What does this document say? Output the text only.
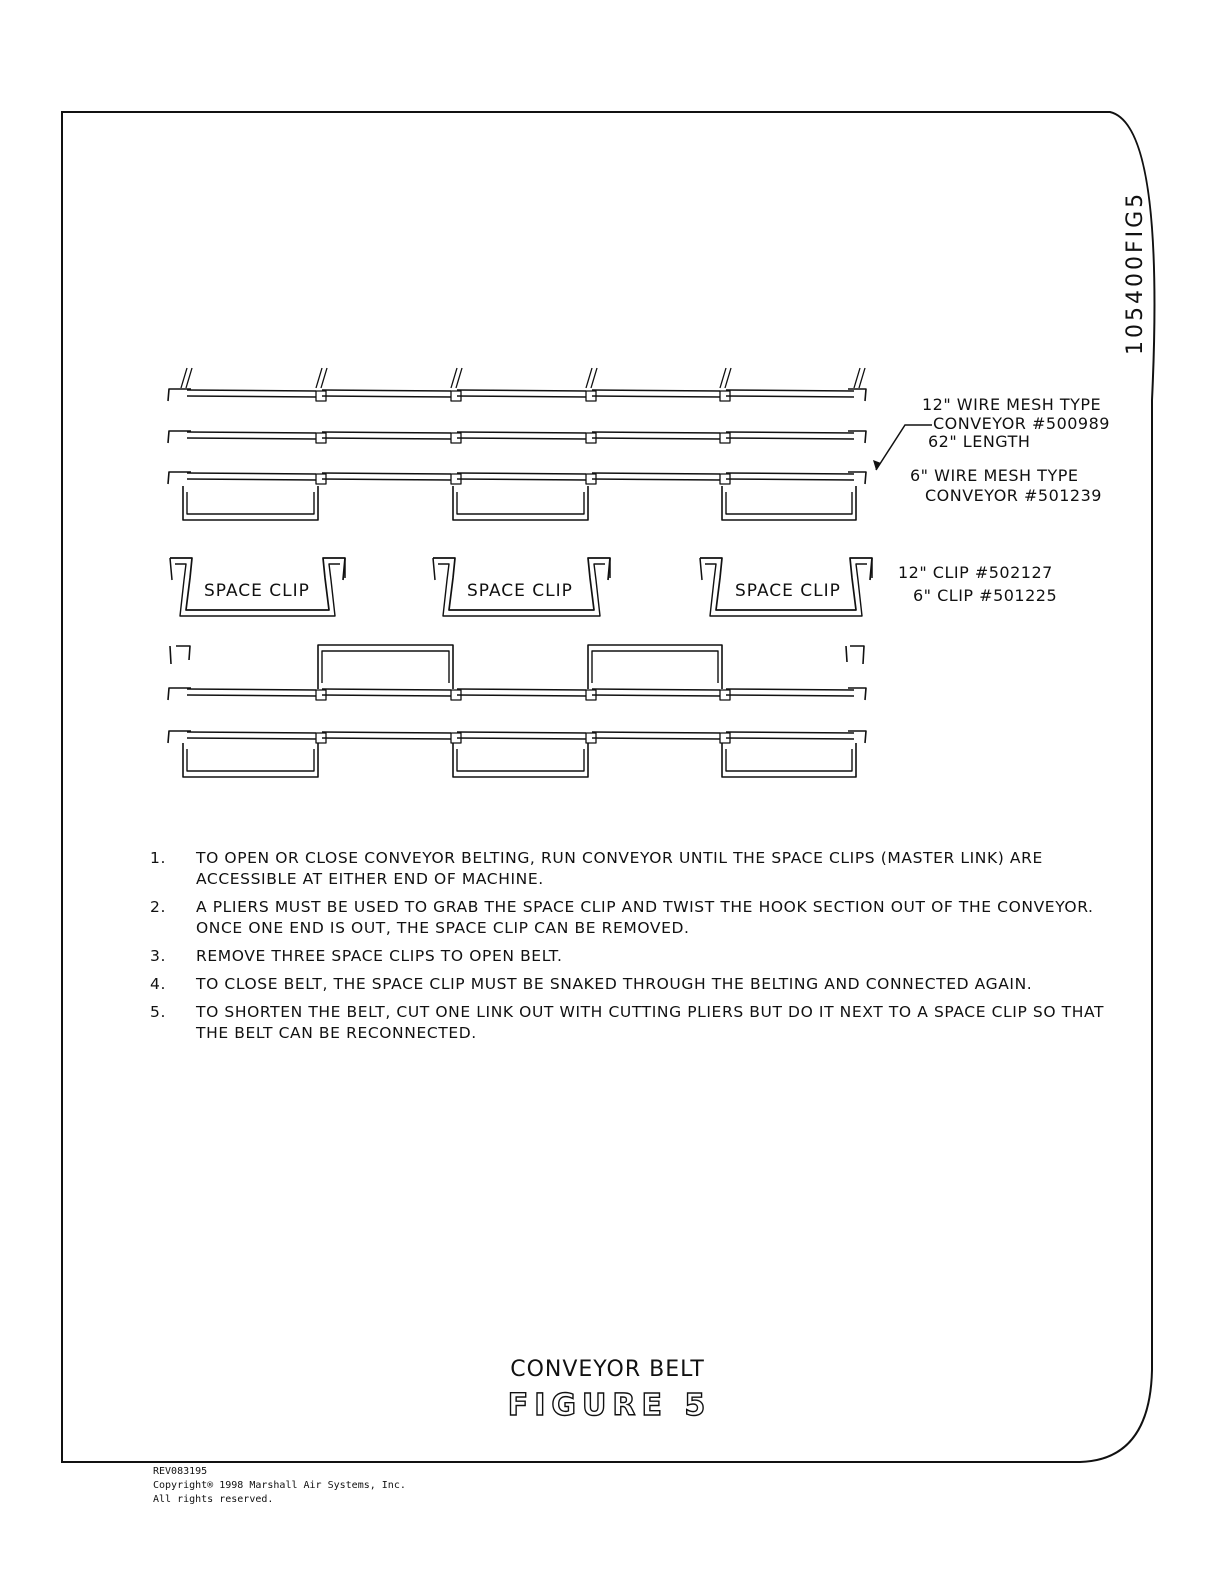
105400FIG5
12" WIRE MESH TYPE
CONVEYOR #500989
62" LENGTH
6" WIRE MESH TYPE
CONVEYOR #501239
12" CLIP #502127
6" CLIP #501225
SPACE CLIP	SPACE CLIP	SPACE CLIP
1. TO OPEN OR CLOSE CONVEYOR BELTING, RUN CONVEYOR UNTIL THE SPACE CLIPS (MASTER LINK) ARE ACCESSIBLE AT EITHER END OF MACHINE.
2. A PLIERS MUST BE USED TO GRAB THE SPACE CLIP AND TWIST THE HOOK SECTION OUT OF THE CONVEYOR. ONCE ONE END IS OUT, THE SPACE CLIP CAN BE REMOVED.
3. REMOVE THREE SPACE CLIPS TO OPEN BELT.
4. TO CLOSE BELT, THE SPACE CLIP MUST BE SNAKED THROUGH THE BELTING AND CONNECTED AGAIN.
5. TO SHORTEN THE BELT, CUT ONE LINK OUT WITH CUTTING PLIERS BUT DO IT NEXT TO A SPACE CLIP SO THAT THE BELT CAN BE RECONNECTED.
CONVEYOR BELT
FIGURE 5
REV083195
Copyright® 1998 Marshall Air Systems, Inc.
All rights reserved.
